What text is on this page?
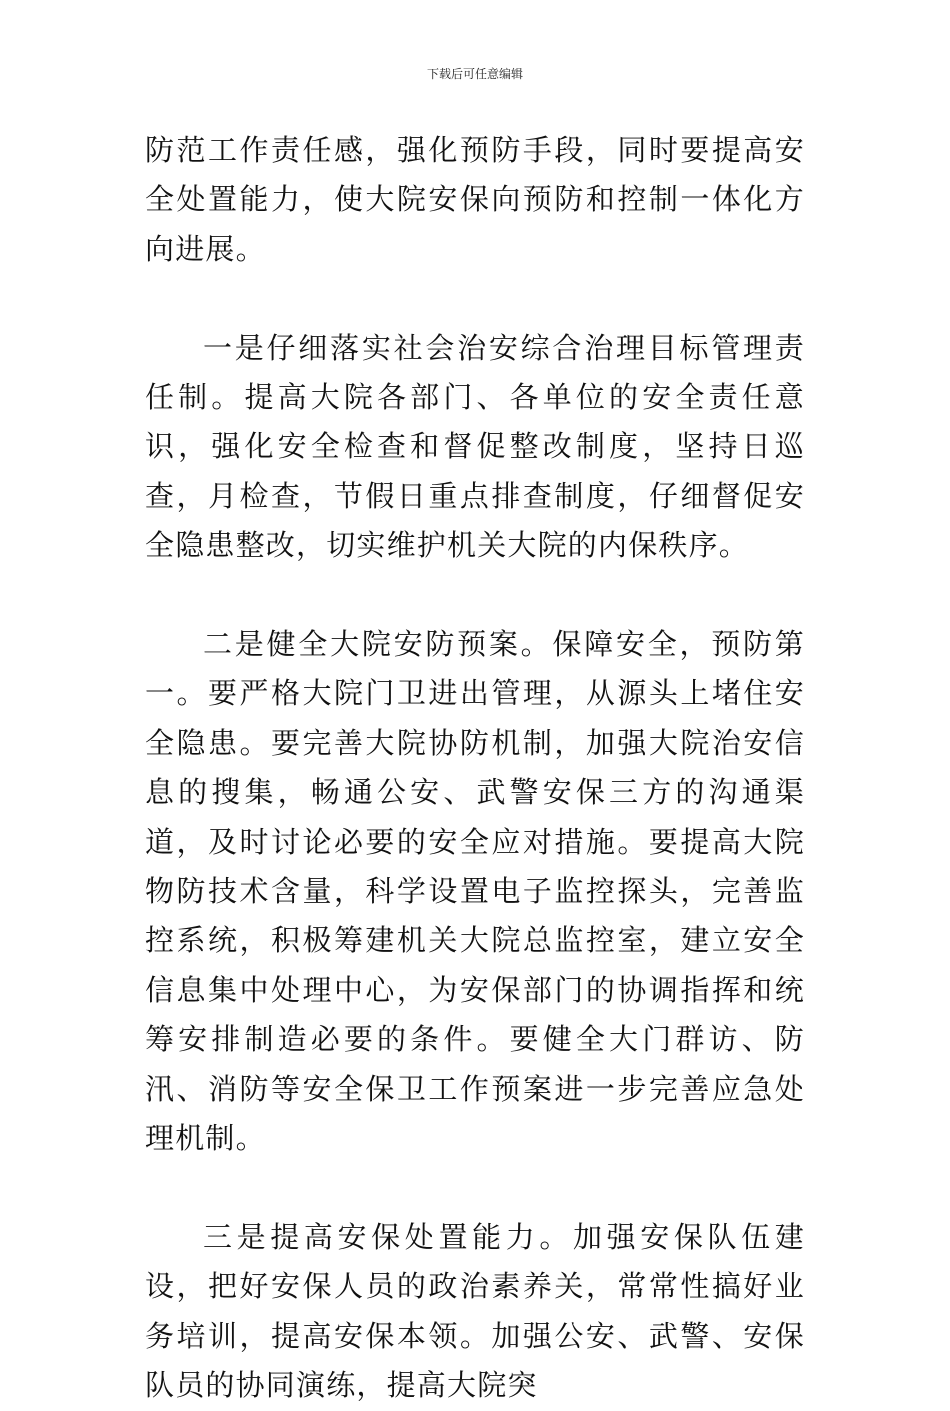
下载后可任意编辑

防范工作责任感，强化预防手段，同时要提高安全处置能力，使大院安保向预防和控制一体化方向进展。

一是仔细落实社会治安综合治理目标管理责任制。提高大院各部门、各单位的安全责任意识，强化安全检查和督促整改制度，坚持日巡查，月检查，节假日重点排查制度，仔细督促安全隐患整改，切实维护机关大院的内保秩序。

二是健全大院安防预案。保障安全，预防第一。要严格大院门卫进出管理，从源头上堵住安全隐患。要完善大院协防机制，加强大院治安信息的搜集，畅通公安、武警安保三方的沟通渠道，及时讨论必要的安全应对措施。要提高大院物防技术含量，科学设置电子监控探头，完善监控系统，积极筹建机关大院总监控室，建立安全信息集中处理中心，为安保部门的协调指挥和统筹安排制造必要的条件。要健全大门群访、防汛、消防等安全保卫工作预案进一步完善应急处理机制。

三是提高安保处置能力。加强安保队伍建设，把好安保人员的政治素养关，常常性搞好业务培训，提高安保本领。加强公安、武警、安保队员的协同演练，提高大院突
